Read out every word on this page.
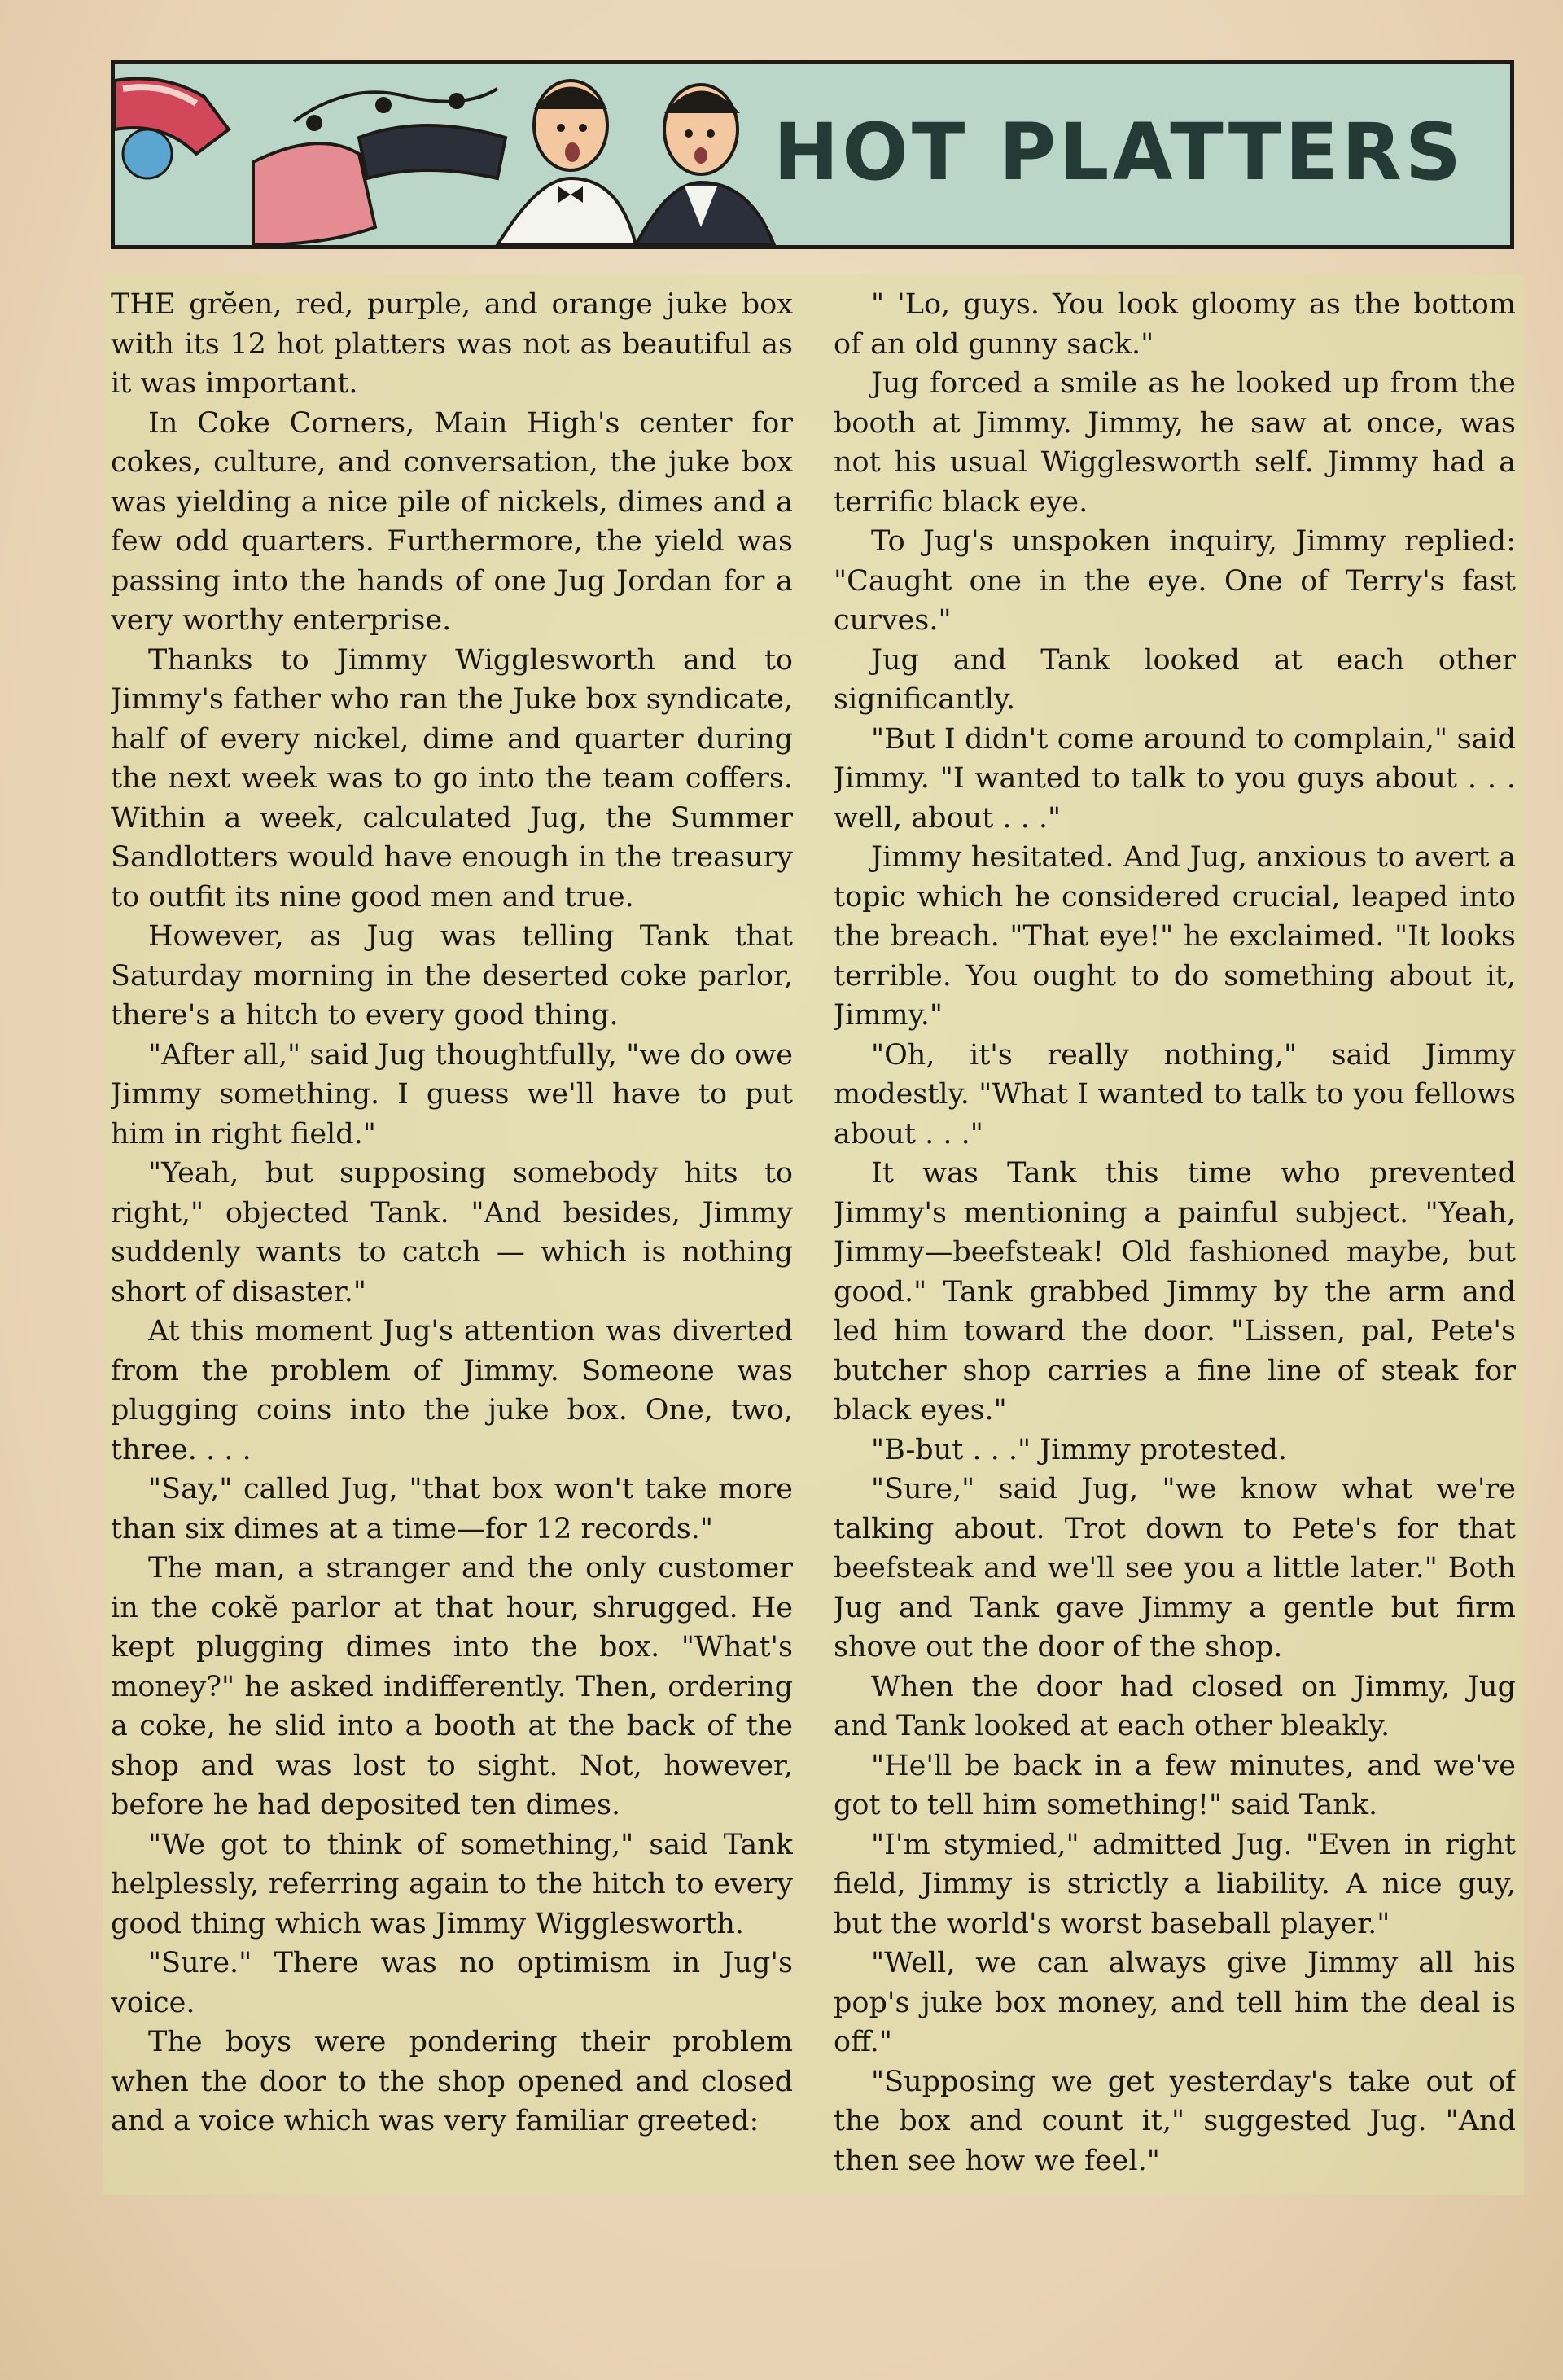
HOT PLATTERS

THE grĕen, red, purple, and orange juke box with its 12 hot platters was not as beautiful as it was important.

In Coke Corners, Main High's center for cokes, culture, and conversation, the juke box was yielding a nice pile of nickels, dimes and a few odd quarters. Furthermore, the yield was passing into the hands of one Jug Jordan for a very worthy enterprise.

Thanks to Jimmy Wigglesworth and to Jimmy's father who ran the Juke box syndicate, half of every nickel, dime and quarter during the next week was to go into the team coffers. Within a week, calculated Jug, the Summer Sandlotters would have enough in the treasury to outfit its nine good men and true.

However, as Jug was telling Tank that Saturday morning in the deserted coke parlor, there's a hitch to every good thing.

"After all," said Jug thoughtfully, "we do owe Jimmy something. I guess we'll have to put him in right field."

"Yeah, but supposing somebody hits to right," objected Tank. "And besides, Jimmy suddenly wants to catch — which is nothing short of disaster."

At this moment Jug's attention was diverted from the problem of Jimmy. Someone was plugging coins into the juke box. One, two, three. . . .

"Say," called Jug, "that box won't take more than six dimes at a time—for 12 records."

The man, a stranger and the only customer in the cokĕ parlor at that hour, shrugged. He kept plugging dimes into the box. "What's money?" he asked indifferently. Then, ordering a coke, he slid into a booth at the back of the shop and was lost to sight. Not, however, before he had deposited ten dimes.

"We got to think of something," said Tank helplessly, referring again to the hitch to every good thing which was Jimmy Wigglesworth.

"Sure." There was no optimism in Jug's voice.

The boys were pondering their problem when the door to the shop opened and closed and a voice which was very familiar greeted:

" 'Lo, guys. You look gloomy as the bottom of an old gunny sack."

Jug forced a smile as he looked up from the booth at Jimmy. Jimmy, he saw at once, was not his usual Wigglesworth self. Jimmy had a terrific black eye.

To Jug's unspoken inquiry, Jimmy replied: "Caught one in the eye. One of Terry's fast curves."

Jug and Tank looked at each other significantly.

"But I didn't come around to complain," said Jimmy. "I wanted to talk to you guys about . . . well, about . . ."

Jimmy hesitated. And Jug, anxious to avert a topic which he considered crucial, leaped into the breach. "That eye!" he exclaimed. "It looks terrible. You ought to do something about it, Jimmy."

"Oh, it's really nothing," said Jimmy modestly. "What I wanted to talk to you fellows about . . ."

It was Tank this time who prevented Jimmy's mentioning a painful subject. "Yeah, Jimmy—beefsteak! Old fashioned maybe, but good." Tank grabbed Jimmy by the arm and led him toward the door. "Lissen, pal, Pete's butcher shop carries a fine line of steak for black eyes."

"B-but . . ." Jimmy protested.

"Sure," said Jug, "we know what we're talking about. Trot down to Pete's for that beefsteak and we'll see you a little later." Both Jug and Tank gave Jimmy a gentle but firm shove out the door of the shop.

When the door had closed on Jimmy, Jug and Tank looked at each other bleakly.

"He'll be back in a few minutes, and we've got to tell him something!" said Tank.

"I'm stymied," admitted Jug. "Even in right field, Jimmy is strictly a liability. A nice guy, but the world's worst baseball player."

"Well, we can always give Jimmy all his pop's juke box money, and tell him the deal is off."

"Supposing we get yesterday's take out of the box and count it," suggested Jug. "And then see how we feel."
